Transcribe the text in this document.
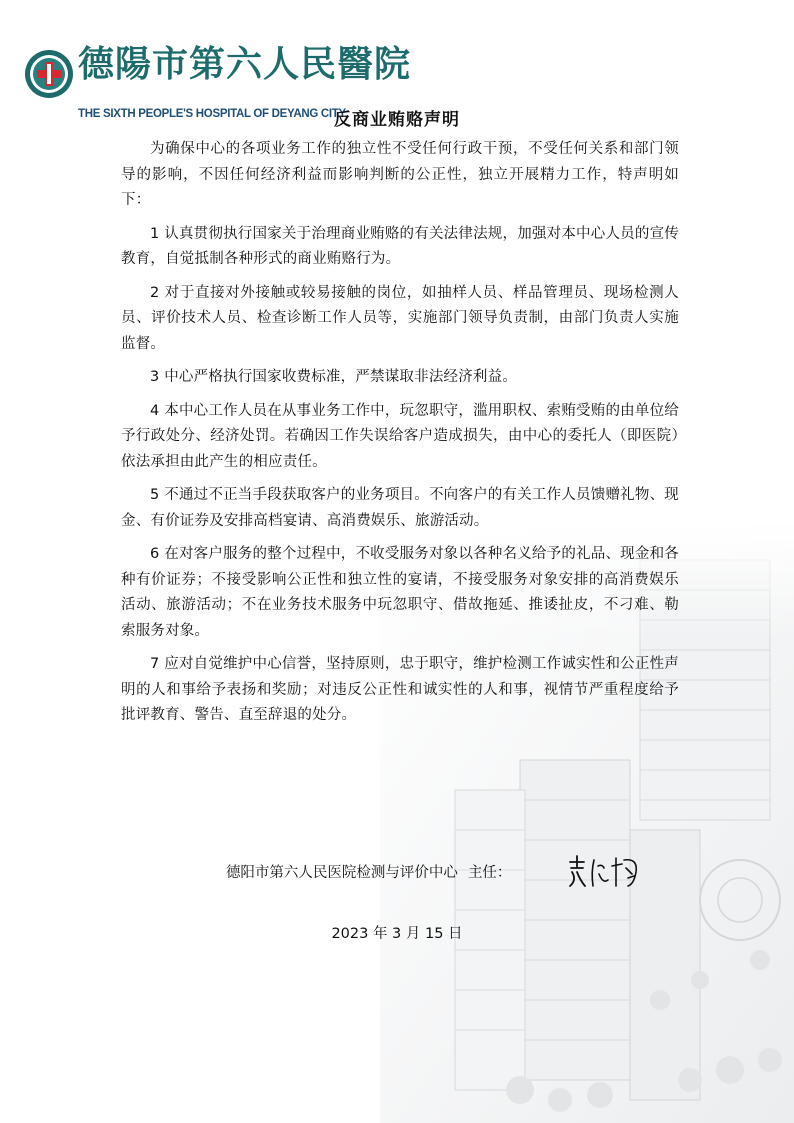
德陽市第六人民醫院
THE SIXTH PEOPLE'S HOSPITAL OF DEYANG CITY
反商业贿赂声明

为确保中心的各项业务工作的独立性不受任何行政干预，不受任何关系和部门领导的影响，不因任何经济利益而影响判断的公正性，独立开展精力工作，特声明如下：

1 认真贯彻执行国家关于治理商业贿赂的有关法律法规，加强对本中心人员的宣传教育，自觉抵制各种形式的商业贿赂行为。

2 对于直接对外接触或较易接触的岗位，如抽样人员、样品管理员、现场检测人员、评价技术人员、检查诊断工作人员等，实施部门领导负责制，由部门负责人实施监督。

3 中心严格执行国家收费标准，严禁谋取非法经济利益。

4 本中心工作人员在从事业务工作中，玩忽职守，滥用职权、索贿受贿的由单位给予行政处分、经济处罚。若确因工作失误给客户造成损失，由中心的委托人（即医院）依法承担由此产生的相应责任。

5 不通过不正当手段获取客户的业务项目。不向客户的有关工作人员馈赠礼物、现金、有价证券及安排高档宴请、高消费娱乐、旅游活动。

6 在对客户服务的整个过程中，不收受服务对象以各种名义给予的礼品、现金和各种有价证券；不接受影响公正性和独立性的宴请，不接受服务对象安排的高消费娱乐活动、旅游活动；不在业务技术服务中玩忽职守、借故拖延、推诿扯皮，不刁难、勒索服务对象。

7 应对自觉维护中心信誉，坚持原则，忠于职守，维护检测工作诚实性和公正性声明的人和事给予表扬和奖励；对违反公正性和诚实性的人和事，视情节严重程度给予批评教育、警告、直至辞退的处分。

德阳市第六人民医院检测与评价中心 主任：
2023 年 3 月 15 日
